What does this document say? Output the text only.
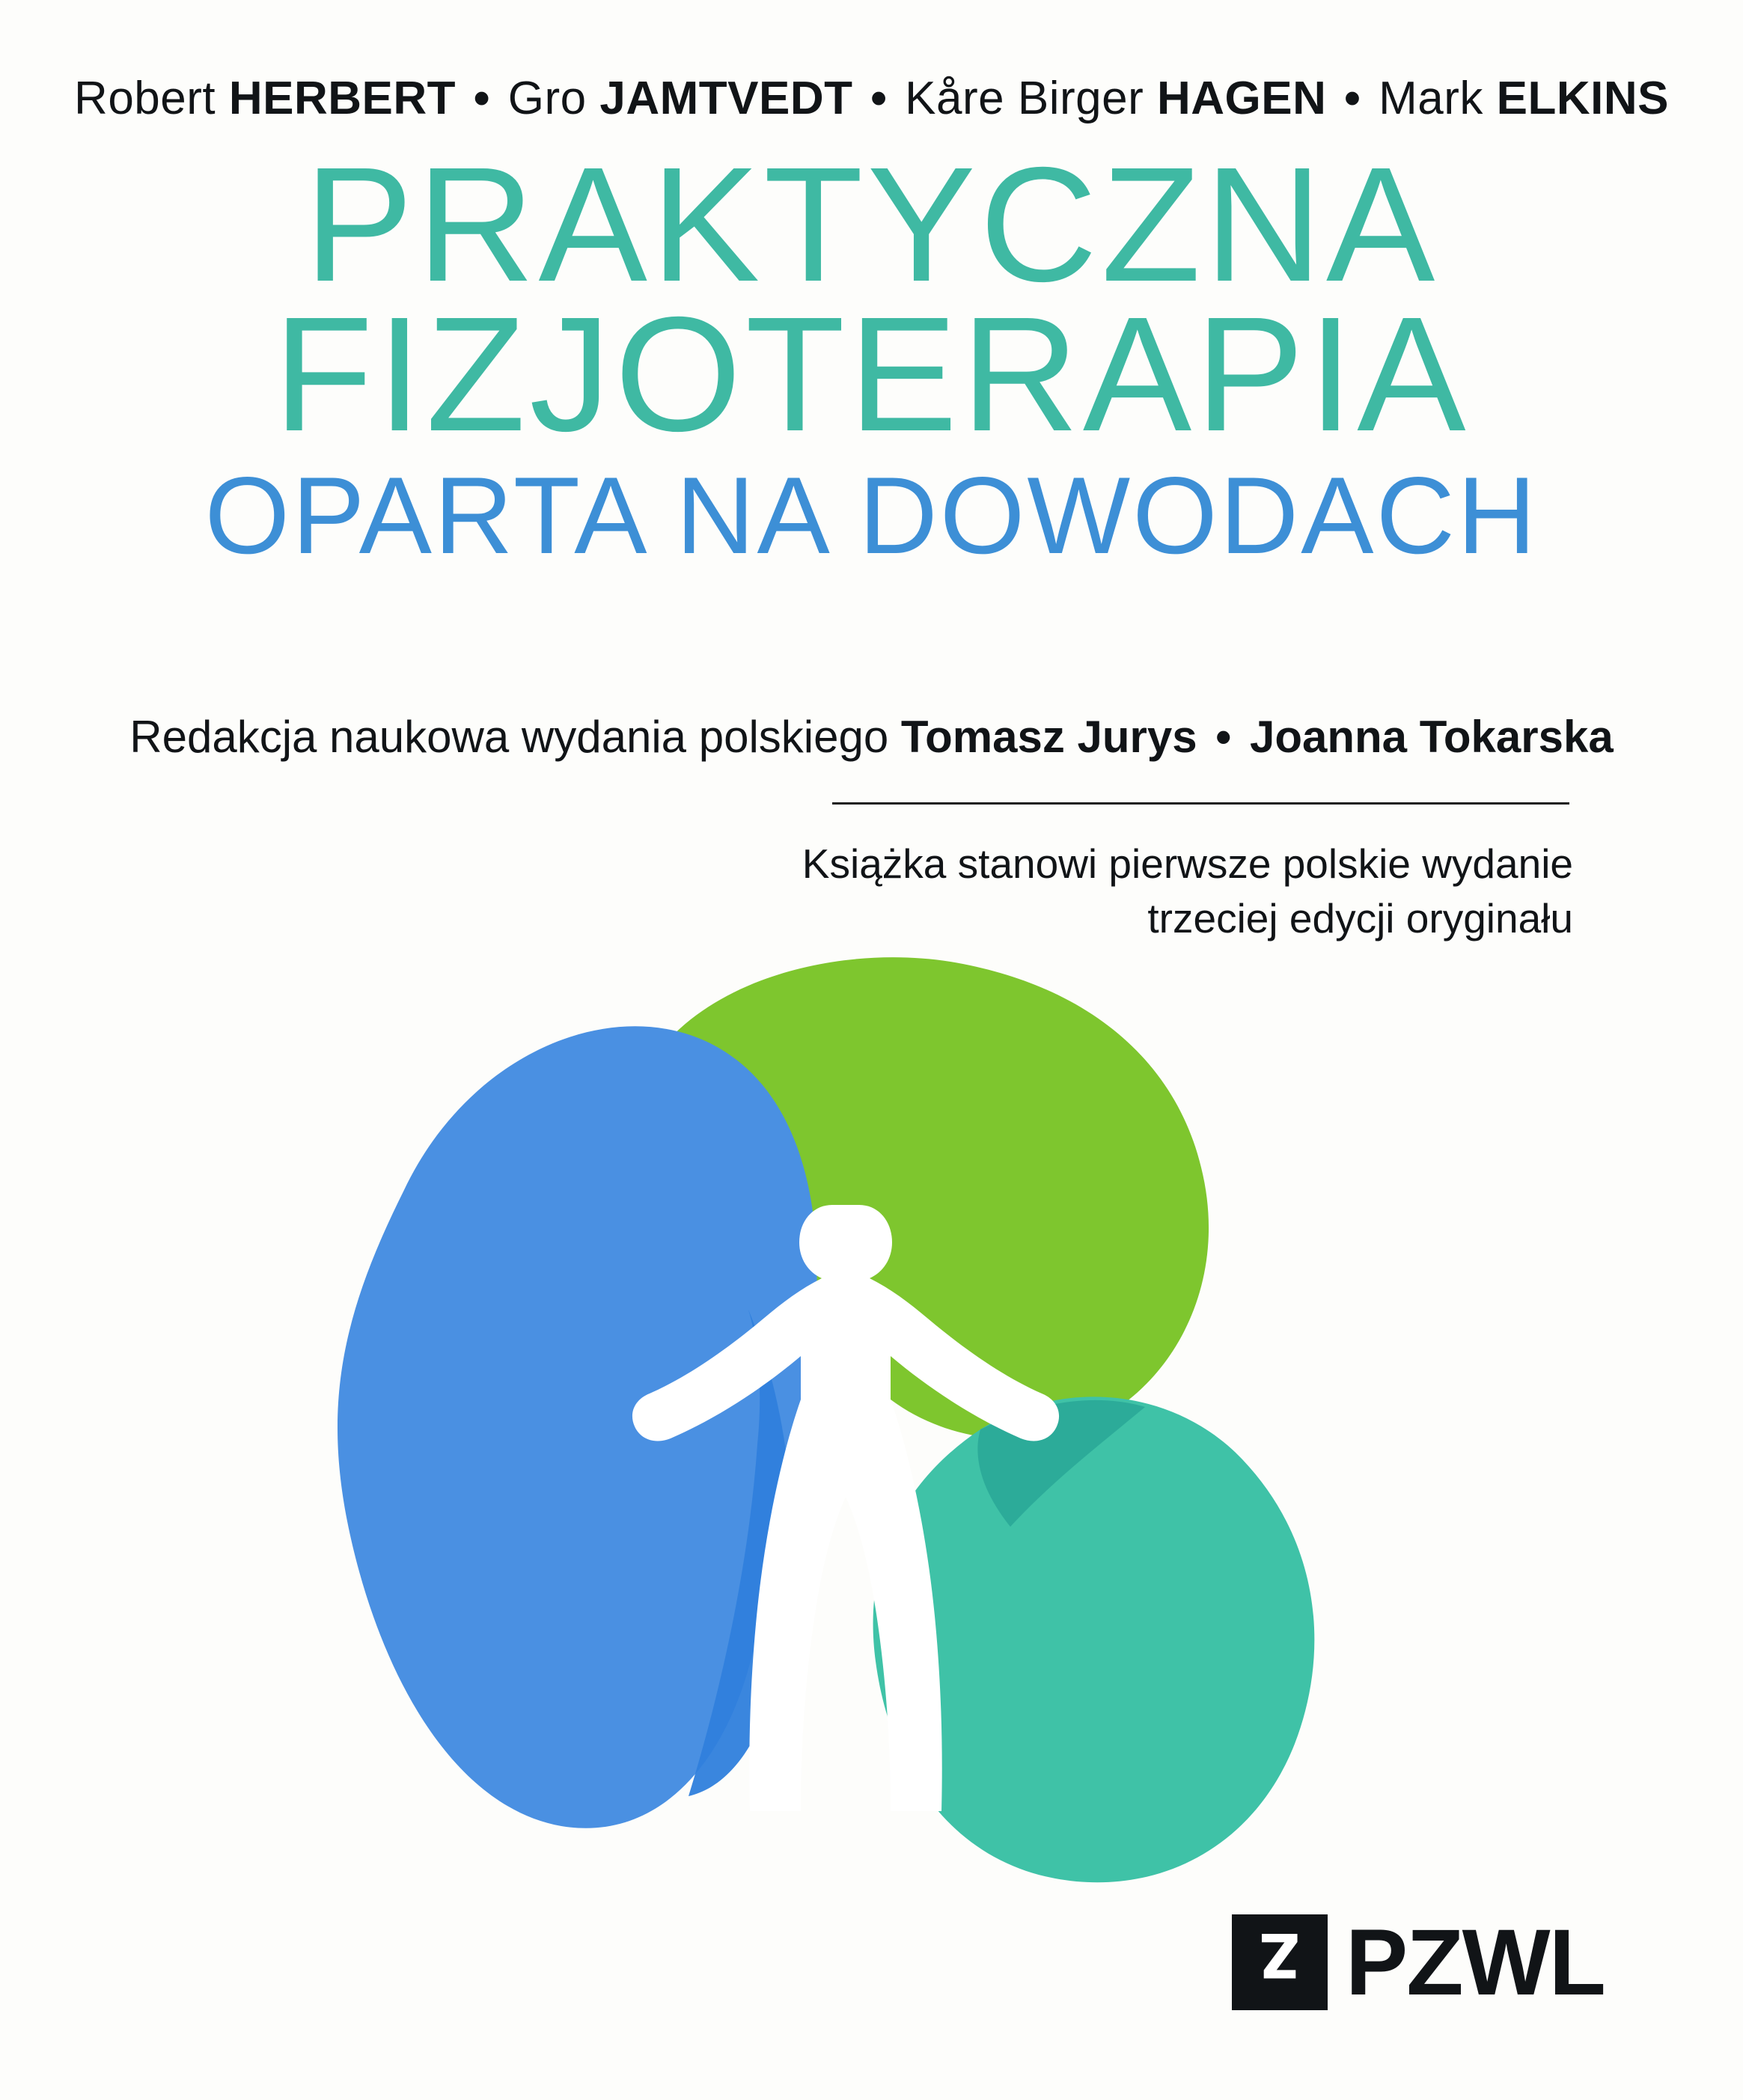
Robert HERBERT • Gro JAMTVEDT • Kåre Birger HAGEN • Mark ELKINS
PRAKTYCZNA
FIZJOTERAPIA
OPARTA NA DOWODACH
Redakcja naukowa wydania polskiego Tomasz Jurys • Joanna Tokarska
Książka stanowi pierwsze polskie wydanie
trzeciej edycji oryginału
z PZWL
